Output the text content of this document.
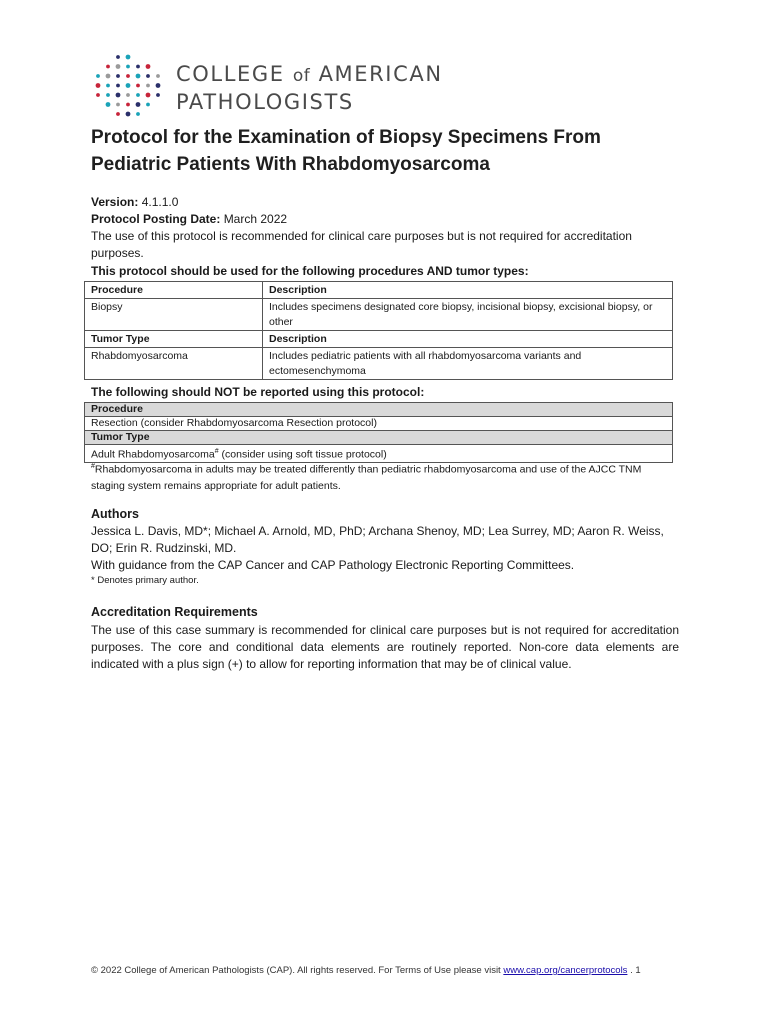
COLLEGE of AMERICAN
PATHOLOGISTS
Protocol for the Examination of Biopsy Specimens From
Pediatric Patients With Rhabdomyosarcoma

Version: 4.1.1.0

Protocol Posting Date: March 2022

The use of this protocol is recommended for clinical care purposes but is not required for accreditation purposes.

This protocol should be used for the following procedures AND tumor types:
Procedure	Description
Biopsy	Includes specimens designated core biopsy, incisional biopsy, excisional biopsy, or other
Tumor Type	Description
Rhabdomyosarcoma	Includes pediatric patients with all rhabdomyosarcoma variants and ectomesenchymoma
The following should NOT be reported using this protocol:
Procedure
Resection (consider Rhabdomyosarcoma Resection protocol)
Tumor Type
Adult Rhabdomyosarcoma# (consider using soft tissue protocol)
#Rhabdomyosarcoma in adults may be treated differently than pediatric rhabdomyosarcoma and use of the AJCC TNM staging system remains appropriate for adult patients.
Authors

Jessica L. Davis, MD*; Michael A. Arnold, MD, PhD; Archana Shenoy, MD; Lea Surrey, MD; Aaron R. Weiss, DO; Erin R. Rudzinski, MD.

With guidance from the CAP Cancer and CAP Pathology Electronic Reporting Committees.

* Denotes primary author.

Accreditation Requirements

The use of this case summary is recommended for clinical care purposes but is not required for accreditation purposes. The core and conditional data elements are routinely reported. Non-core data elements are indicated with a plus sign (+) to allow for reporting information that may be of clinical value.

© 2022 College of American Pathologists (CAP). All rights reserved. For Terms of Use please visit www.cap.org/cancerprotocols . 1
